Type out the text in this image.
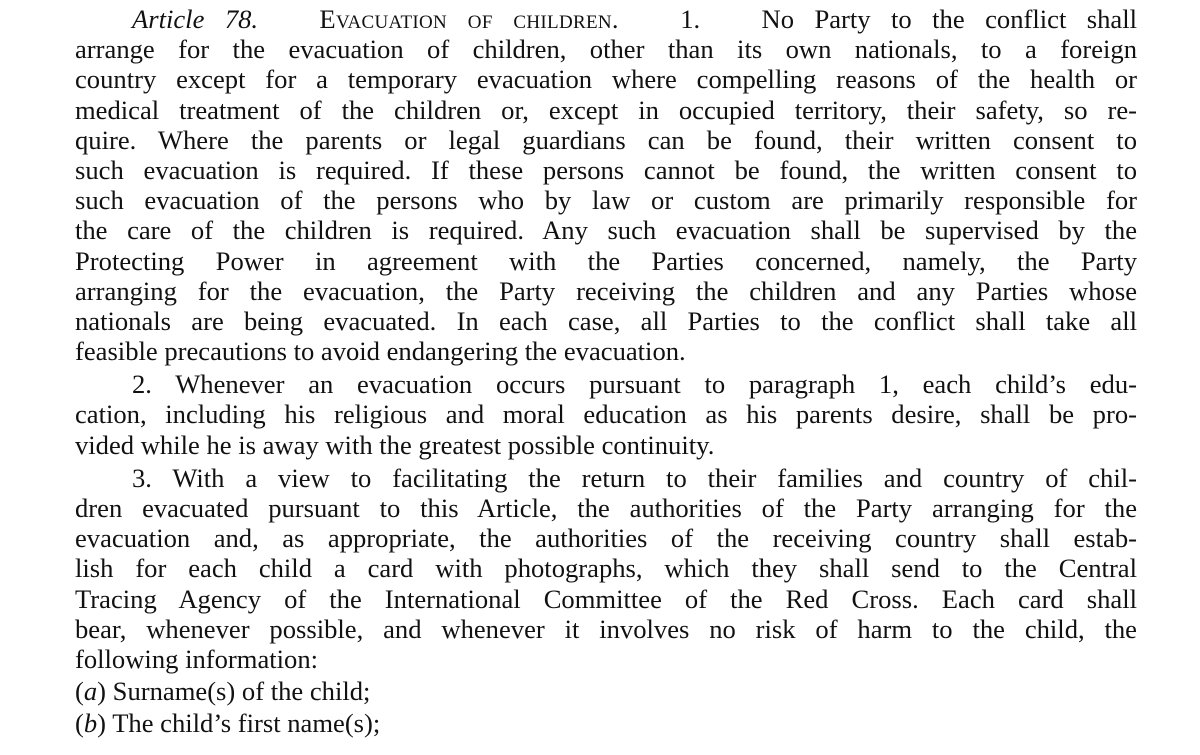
Article 78. Evacuation of children. 1. No Party to the conflict shall
arrange for the evacuation of children, other than its own nationals, to a foreign
country except for a temporary evacuation where compelling reasons of the health or
medical treatment of the children or, except in occupied territory, their safety, so re-
quire. Where the parents or legal guardians can be found, their written consent to
such evacuation is required. If these persons cannot be found, the written consent to
such evacuation of the persons who by law or custom are primarily responsible for
the care of the children is required. Any such evacuation shall be supervised by the
Protecting Power in agreement with the Parties concerned, namely, the Party
arranging for the evacuation, the Party receiving the children and any Parties whose
nationals are being evacuated. In each case, all Parties to the conflict shall take all
feasible precautions to avoid endangering the evacuation.
2. Whenever an evacuation occurs pursuant to paragraph 1, each child’s edu-
cation, including his religious and moral education as his parents desire, shall be pro-
vided while he is away with the greatest possible continuity.
3. With a view to facilitating the return to their families and country of chil-
dren evacuated pursuant to this Article, the authorities of the Party arranging for the
evacuation and, as appropriate, the authorities of the receiving country shall estab-
lish for each child a card with photographs, which they shall send to the Central
Tracing Agency of the International Committee of the Red Cross. Each card shall
bear, whenever possible, and whenever it involves no risk of harm to the child, the
following information:
(a) Surname(s) of the child;
(b) The child’s first name(s);
